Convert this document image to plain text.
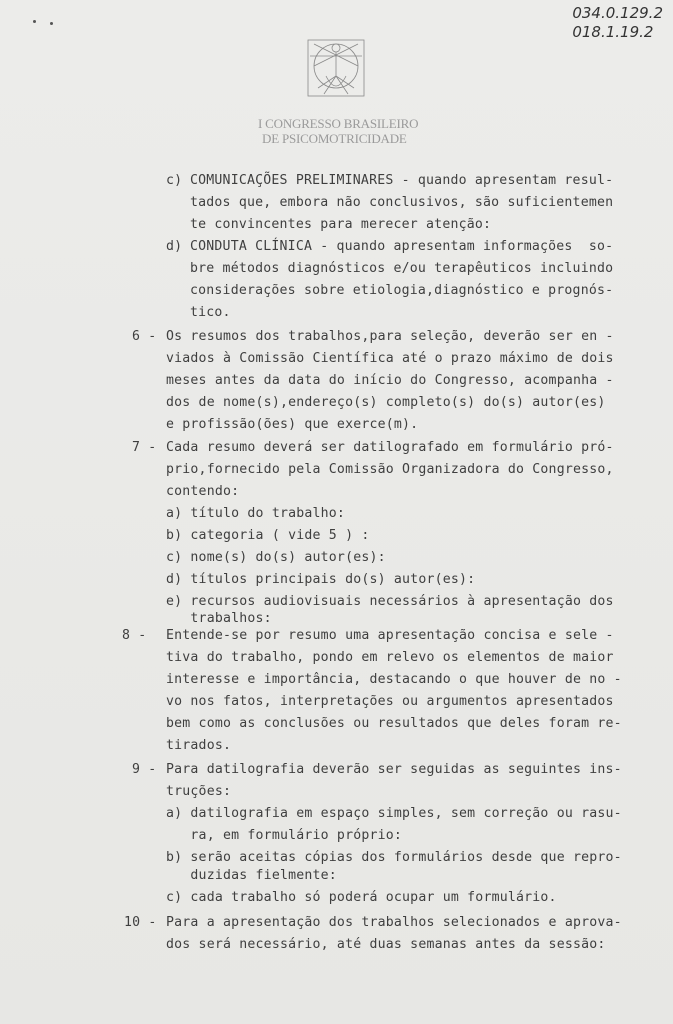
034.0.129.2
018.1.19.2
I CONGRESSO BRASILEIRO
DE PSICOMOTRICIDADE
c) COMUNICAÇÕES PRELIMINARES - quando apresentam resul-
tados que, embora não conclusivos, são suficientemen
te convincentes para merecer atenção:
d) CONDUTA CLÍNICA - quando apresentam informações  so-
bre métodos diagnósticos e/ou terapêuticos incluindo
considerações sobre etiologia,diagnóstico e prognós-
tico.
6 - Os resumos dos trabalhos,para seleção, deverão ser en -
viados à Comissão Científica até o prazo máximo de dois
meses antes da data do início do Congresso, acompanha -
dos de nome(s),endereço(s) completo(s) do(s) autor(es)
e profissão(ões) que exerce(m).
7 - Cada resumo deverá ser datilografado em formulário pró-
prio,fornecido pela Comissão Organizadora do Congresso,
contendo:
a) título do trabalho:
b) categoria ( vide 5 ) :
c) nome(s) do(s) autor(es):
d) títulos principais do(s) autor(es):
e) recursos audiovisuais necessários à apresentação dos
trabalhos:
8 - Entende-se por resumo uma apresentação concisa e sele -
tiva do trabalho, pondo em relevo os elementos de maior
interesse e importância, destacando o que houver de no -
vo nos fatos, interpretações ou argumentos apresentados
bem como as conclusões ou resultados que deles foram re-
tirados.
9 - Para datilografia deverão ser seguidas as seguintes ins-
truções:
a) datilografia em espaço simples, sem correção ou rasu-
ra, em formulário próprio:
b) serão aceitas cópias dos formulários desde que repro-
duzidas fielmente:
c) cada trabalho só poderá ocupar um formulário.
10 - Para a apresentação dos trabalhos selecionados e aprova-
dos será necessário, até duas semanas antes da sessão:
